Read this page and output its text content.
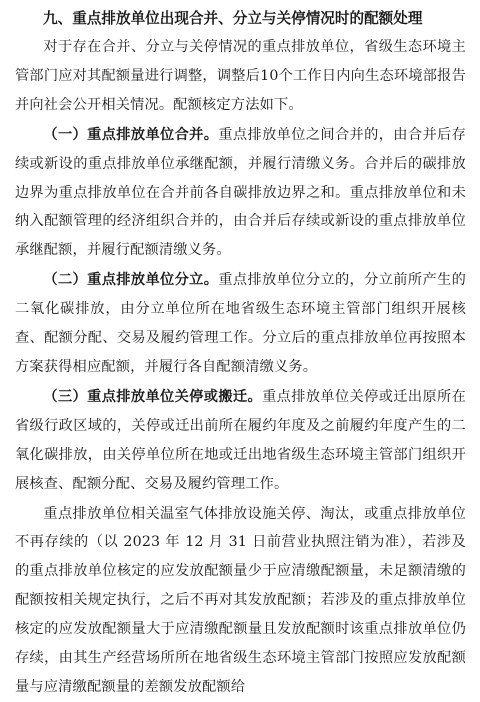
九、重点排放单位出现合并、分立与关停情况时的配额处理

对于存在合并、分立与关停情况的重点排放单位，省级生态环境主管部门应对其配额量进行调整，调整后10个工作日内向生态环境部报告并向社会公开相关情况。配额核定方法如下。

（一）重点排放单位合并。重点排放单位之间合并的，由合并后存续或新设的重点排放单位承继配额，并履行清缴义务。合并后的碳排放边界为重点排放单位在合并前各自碳排放边界之和。重点排放单位和未纳入配额管理的经济组织合并的，由合并后存续或新设的重点排放单位承继配额，并履行配额清缴义务。

（二）重点排放单位分立。重点排放单位分立的，分立前所产生的二氧化碳排放，由分立单位所在地省级生态环境主管部门组织开展核查、配额分配、交易及履约管理工作。分立后的重点排放单位再按照本方案获得相应配额，并履行各自配额清缴义务。

（三）重点排放单位关停或搬迁。重点排放单位关停或迁出原所在省级行政区域的，关停或迁出前所在履约年度及之前履约年度产生的二氧化碳排放，由关停单位所在地或迁出地省级生态环境主管部门组织开展核查、配额分配、交易及履约管理工作。

重点排放单位相关温室气体排放设施关停、淘汰，或重点排放单位不再存续的（以 2023 年 12 月 31 日前营业执照注销为准），若涉及的重点排放单位核定的应发放配额量少于应清缴配额量，未足额清缴的配额按相关规定执行，之后不再对其发放配额；若涉及的重点排放单位核定的应发放配额量大于应清缴配额量且发放配额时该重点排放单位仍存续，由其生产经营场所所在地省级生态环境主管部门按照应发放配额量与应清缴配额量的差额发放配额给
